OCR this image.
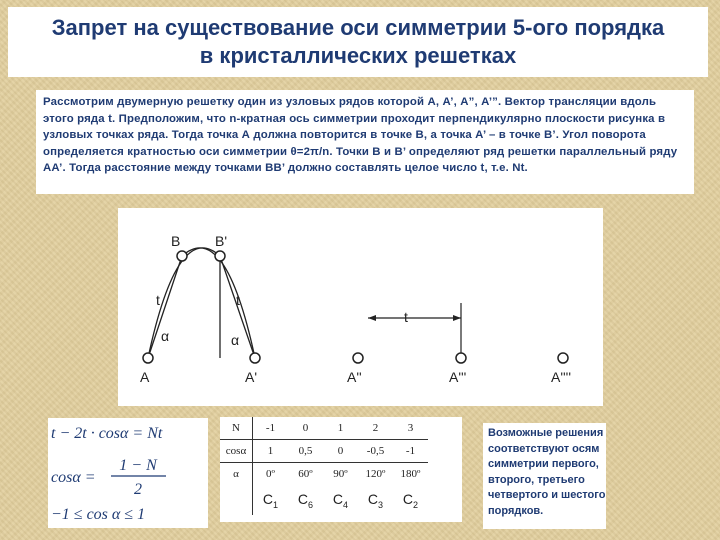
Запрет на существование оси симметрии 5-ого порядка
в кристаллических решетках

Рассмотрим двумерную решетку один из узловых рядов которой А, А’, А”, А’”. Вектор трансляции вдоль этого ряда t. Предположим, что n-кратная ось симметрии проходит перпендикулярно плоскости рисунка в узловых точках ряда. Тогда точка А должна повторится в точке В, а точка А’ – в точке В’. Угол поворота определяется кратностью оси симметрии θ=2π/n. Точки В и В’ определяют ряд решетки параллельный ряду АА’. Тогда расстояние между точками ВВ’ должно составлять целое число t, т.е. Nt.

B B'
t	t
t
α	α
A	A'	A''	A'''	A''''
t − 2t · cosα = Nt
cosα =
1 − N
2
−1 ≤ cos α ≤ 1
N	-1	0	1	2	3
cosα	1	0,5	0	-0,5	-1
α	0º	60º	90º	120º	180º
	$C_1$	$C_6$	$C_4$	$C_3$	$C_2$

Возможные решения соответствуют осям симметрии первого, второго, третьего четвертого и шестого порядков.
